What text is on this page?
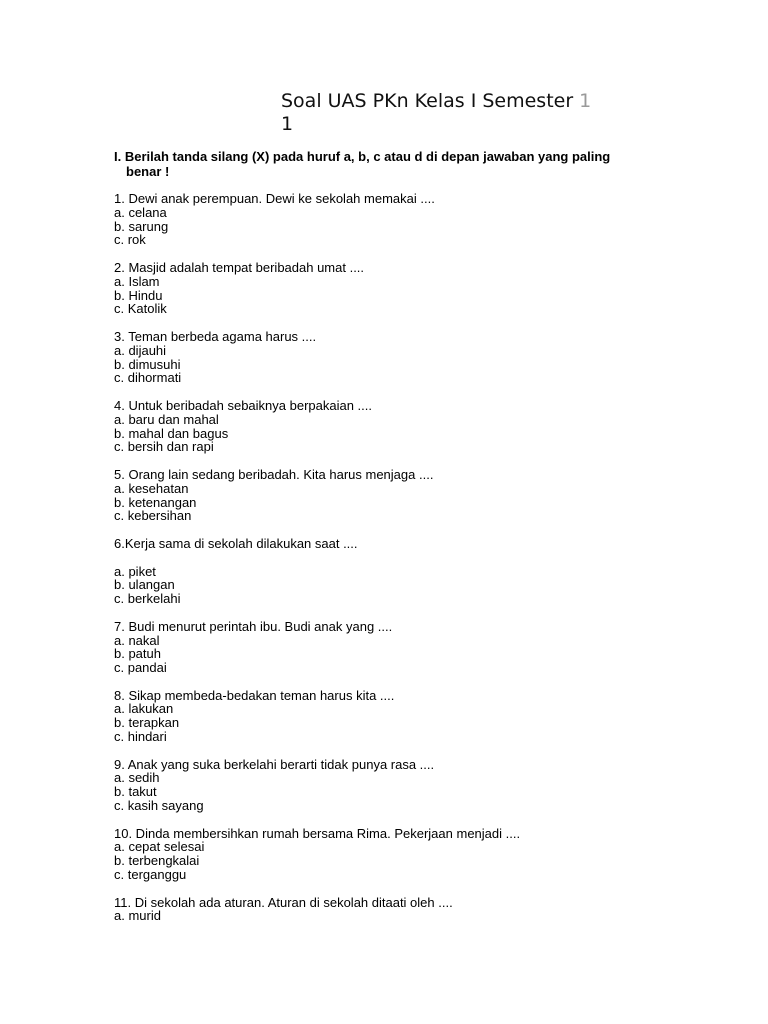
Soal UAS PKn Kelas I Semester 1
1
I. Berilah tanda silang (X) pada huruf a, b, c atau d di depan jawaban yang paling
benar !
1. Dewi anak perempuan. Dewi ke sekolah memakai ....
a. celana
b. sarung
c. rok
2. Masjid adalah tempat beribadah umat ....
a. Islam
b. Hindu
c. Katolik
3. Teman berbeda agama harus ....
a. dijauhi
b. dimusuhi
c. dihormati
4. Untuk beribadah sebaiknya berpakaian ....
a. baru dan mahal
b. mahal dan bagus
c. bersih dan rapi
5. Orang lain sedang beribadah. Kita harus menjaga ....
a. kesehatan
b. ketenangan
c. kebersihan
6.Kerja sama di sekolah dilakukan saat ....
a. piket
b. ulangan
c. berkelahi
7. Budi menurut perintah ibu. Budi anak yang ....
a. nakal
b. patuh
c. pandai
8. Sikap membeda-bedakan teman harus kita ....
a. lakukan
b. terapkan
c. hindari
9. Anak yang suka berkelahi berarti tidak punya rasa ....
a. sedih
b. takut
c. kasih sayang
10. Dinda membersihkan rumah bersama Rima. Pekerjaan menjadi ....
a. cepat selesai
b. terbengkalai
c. terganggu
11. Di sekolah ada aturan. Aturan di sekolah ditaati oleh ....
a. murid
